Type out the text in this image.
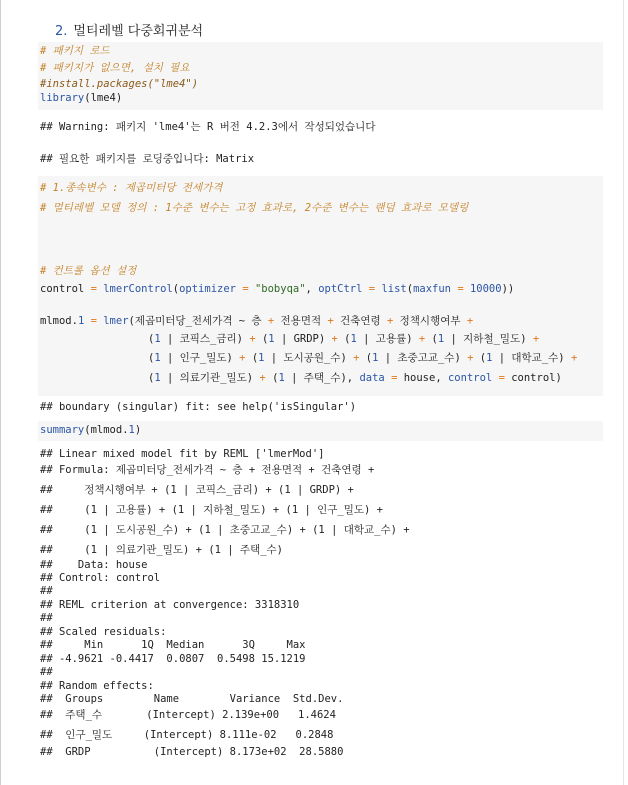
2. 멀티레벨 다중회귀분석

# 패키지 로드

# 패키지가 없으면, 설치 필요

#install.packages("lme4")

library(lme4)

## Warning: 패키지 'lme4'는 R 버전 4.2.3에서 작성되었습니다

## 필요한 패키지를 로딩중입니다: Matrix

# 1.종속변수 : 제곱미터당 전세가격

# 멀티레벨 모델 정의 : 1수준 변수는 고정 효과로, 2수준 변수는 랜덤 효과로 모델링

# 컨트롤 옵션 설정

control = lmerControl(optimizer = "bobyqa", optCtrl = list(maxfun = 10000))

mlmod.1 = lmer(제곱미터당_전세가격 ~ 층 + 전용면적 + 건축연령 + 정책시행여부 +

(1 | 코픽스_금리) + (1 | GRDP) + (1 | 고용률) + (1 | 지하철_밀도) +

(1 | 인구_밀도) + (1 | 도시공원_수) + (1 | 초중고교_수) + (1 | 대학교_수) +

(1 | 의료기관_밀도) + (1 | 주택_수), data = house, control = control)

## boundary (singular) fit: see help('isSingular')

summary(mlmod.1)

## Linear mixed model fit by REML ['lmerMod']

## Formula: 제곱미터당_전세가격 ~ 층 + 전용면적 + 건축연령 +

##     정책시행여부 + (1 | 코픽스_금리) + (1 | GRDP) +

##     (1 | 고용률) + (1 | 지하철_밀도) + (1 | 인구_밀도) +

##     (1 | 도시공원_수) + (1 | 초중고교_수) + (1 | 대학교_수) +

##     (1 | 의료기관_밀도) + (1 | 주택_수)

##    Data: house

## Control: control

##

## REML criterion at convergence: 3318310

##

## Scaled residuals:

##     Min      1Q  Median      3Q     Max

## -4.9621 -0.4417  0.0807  0.5498 15.1219

##

## Random effects:

##  Groups        Name        Variance  Std.Dev.

##  주택_수       (Intercept) 2.139e+00   1.4624

##  인구_밀도     (Intercept) 8.111e-02   0.2848

##  GRDP          (Intercept) 8.173e+02  28.5880
